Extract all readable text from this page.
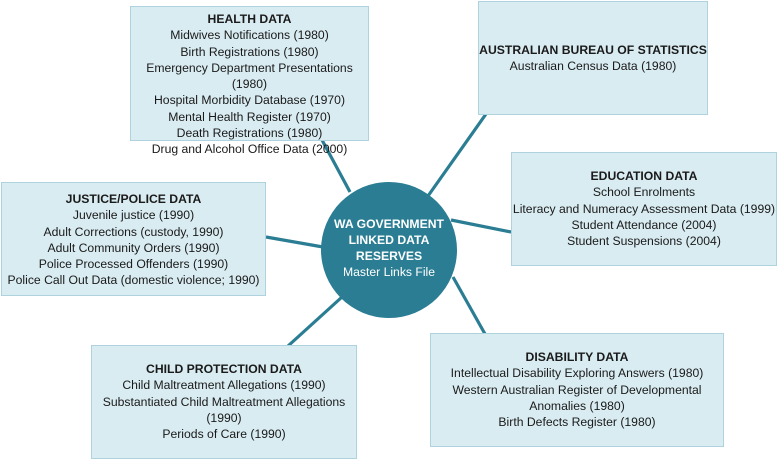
HEALTH DATA
Midwives Notifications (1980)
Birth Registrations (1980)
Emergency Department Presentations (1980)
Hospital Morbidity Database (1970)
Mental Health Register (1970)
Death Registrations (1980)
Drug and Alcohol Office Data (2000)
AUSTRALIAN BUREAU OF STATISTICS
Australian Census Data (1980)
EDUCATION DATA
School Enrolments
Literacy and Numeracy Assessment Data (1999)
Student Attendance (2004)
Student Suspensions (2004)
JUSTICE/POLICE DATA
Juvenile justice (1990)
Adult Corrections (custody, 1990)
Adult Community Orders (1990)
Police Processed Offenders (1990)
Police Call Out Data (domestic violence; 1990)
WA GOVERNMENT
LINKED DATA
RESERVES
Master Links File
CHILD PROTECTION DATA
Child Maltreatment Allegations (1990)
Substantiated Child Maltreatment Allegations
(1990)
Periods of Care (1990)
DISABILITY DATA
Intellectual Disability Exploring Answers (1980)
Western Australian Register of Developmental
Anomalies (1980)
Birth Defects Register (1980)
